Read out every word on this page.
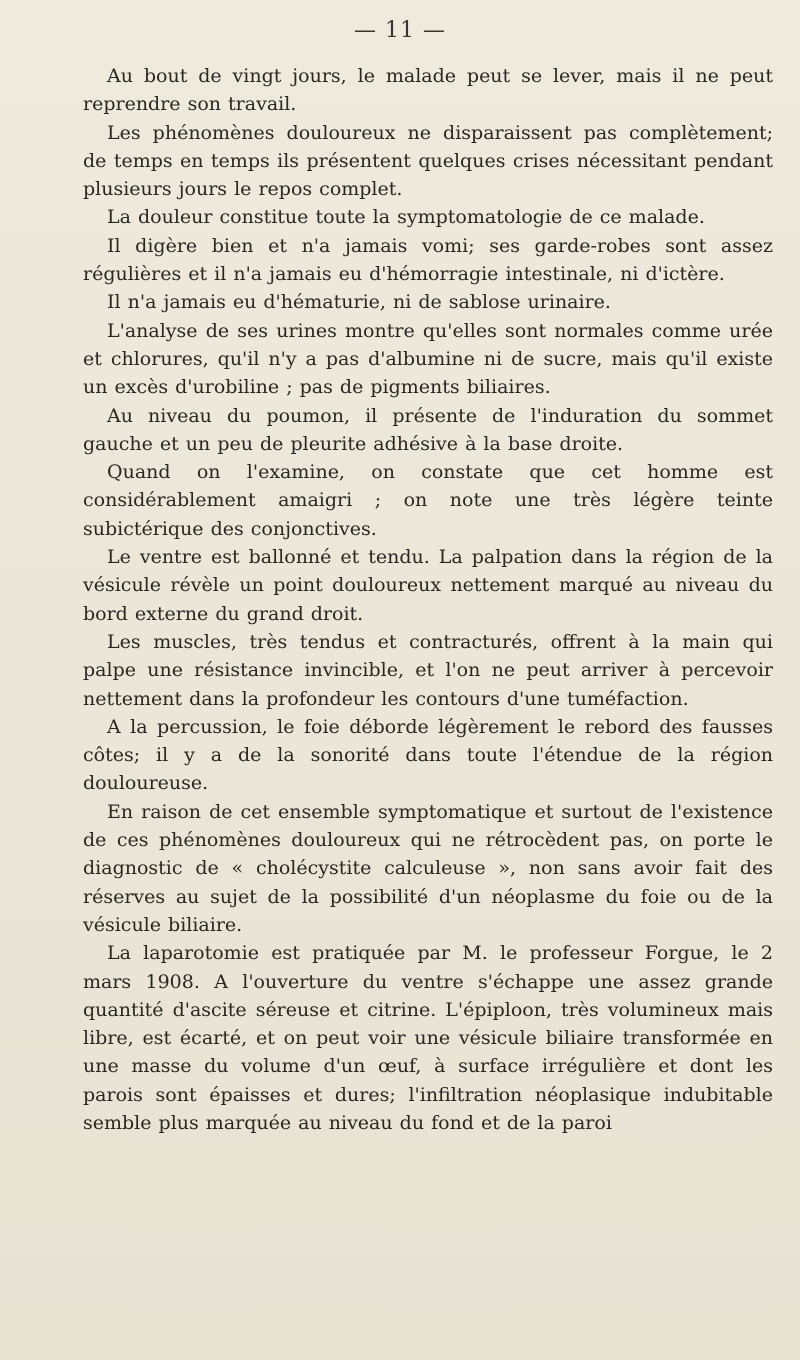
— 11 —

Au bout de vingt jours, le malade peut se lever, mais il ne peut reprendre son travail.

Les phénomènes douloureux ne disparaissent pas complètement; de temps en temps ils présentent quelques crises nécessitant pendant plusieurs jours le repos complet.

La douleur constitue toute la symptomatologie de ce malade.

Il digère bien et n'a jamais vomi; ses garde-robes sont assez régulières et il n'a jamais eu d'hémorragie intestinale, ni d'ictère.

Il n'a jamais eu d'hématurie, ni de sablose urinaire.

L'analyse de ses urines montre qu'elles sont normales comme urée et chlorures, qu'il n'y a pas d'albumine ni de sucre, mais qu'il existe un excès d'urobiline ; pas de pigments biliaires.

Au niveau du poumon, il présente de l'induration du sommet gauche et un peu de pleurite adhésive à la base droite.

Quand on l'examine, on constate que cet homme est considérablement amaigri ; on note une très légère teinte subictérique des conjonctives.

Le ventre est ballonné et tendu. La palpation dans la région de la vésicule révèle un point douloureux nettement marqué au niveau du bord externe du grand droit.

Les muscles, très tendus et contracturés, offrent à la main qui palpe une résistance invincible, et l'on ne peut arriver à percevoir nettement dans la profondeur les contours d'une tuméfaction.

A la percussion, le foie déborde légèrement le rebord des fausses côtes; il y a de la sonorité dans toute l'étendue de la région douloureuse.

En raison de cet ensemble symptomatique et surtout de l'existence de ces phénomènes douloureux qui ne rétrocèdent pas, on porte le diagnostic de « cholécystite calculeuse », non sans avoir fait des réserves au sujet de la possibilité d'un néoplasme du foie ou de la vésicule biliaire.

La laparotomie est pratiquée par M. le professeur Forgue, le 2 mars 1908. A l'ouverture du ventre s'échappe une assez grande quantité d'ascite séreuse et citrine. L'épiploon, très volumineux mais libre, est écarté, et on peut voir une vésicule biliaire transformée en une masse du volume d'un œuf, à surface irrégulière et dont les parois sont épaisses et dures; l'infiltration néoplasique indubitable semble plus marquée au niveau du fond et de la paroi
